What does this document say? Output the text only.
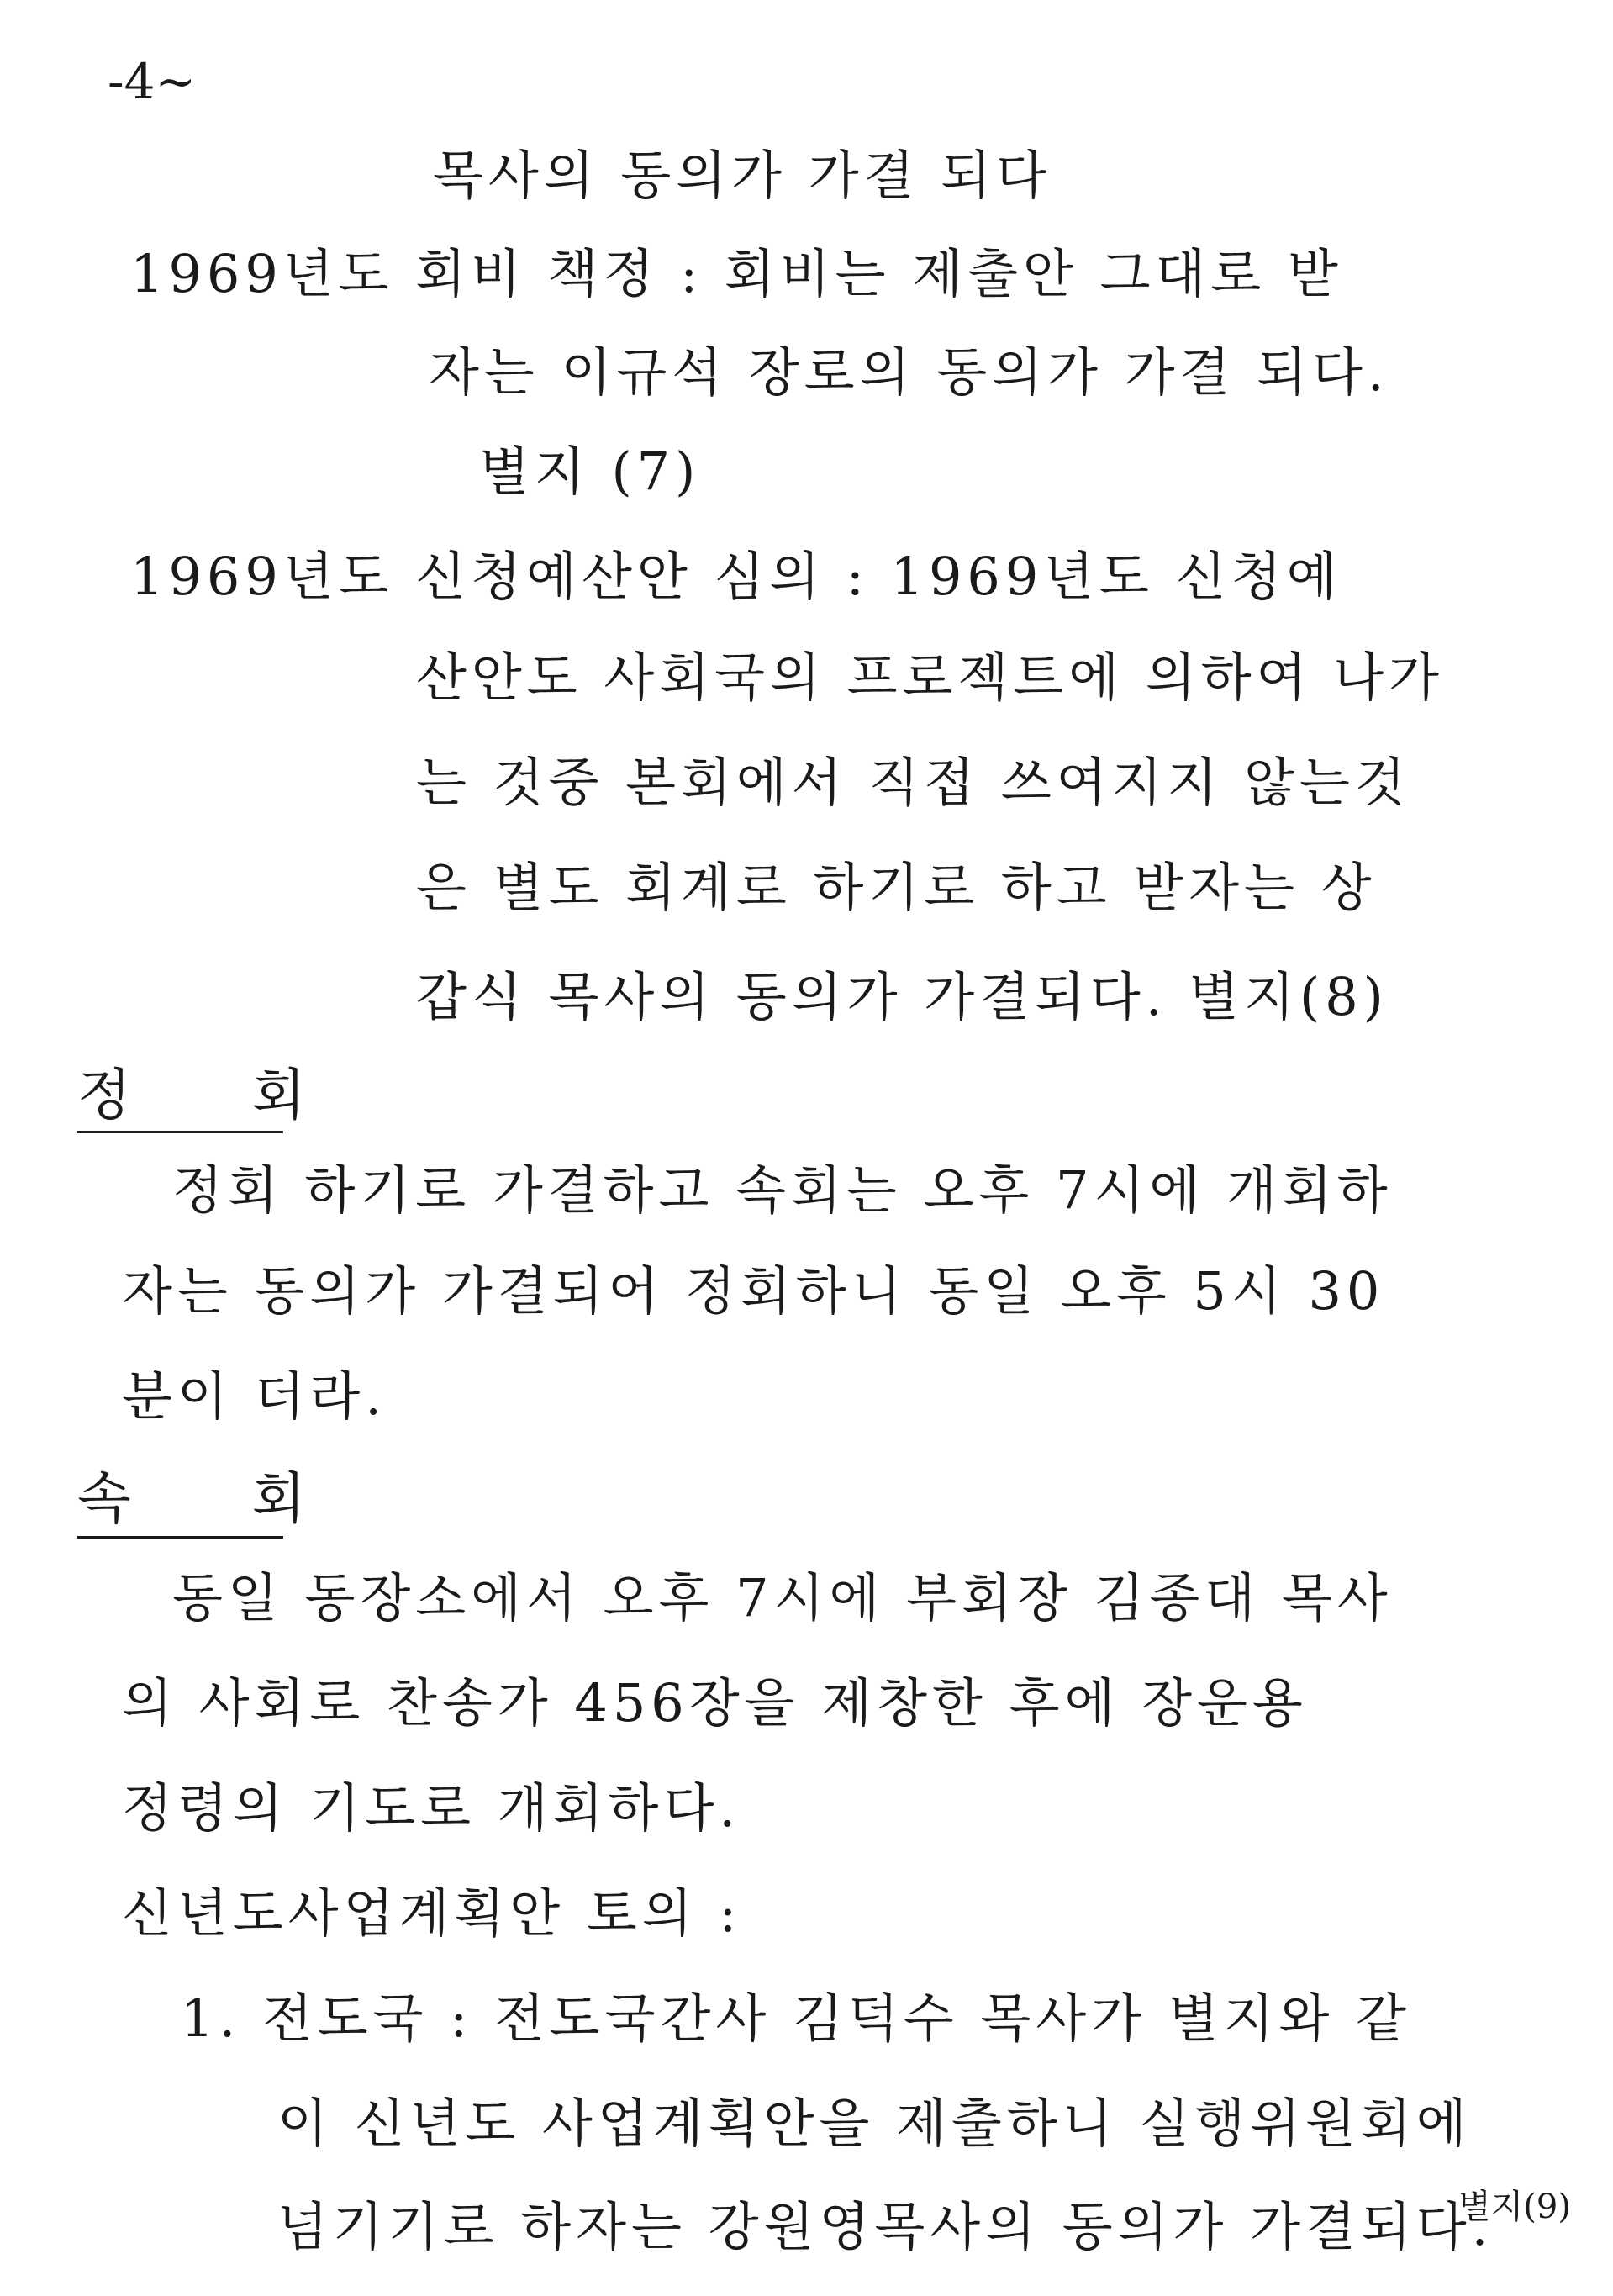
-4~
목사의 동의가 가결 되다
1969년도 회비 책정 : 회비는 제출안 그대로 받
자는 이규석 장로의 동의가 가결 되다.
별지 (7)
1969년도 신청예산안 심의 : 1969년도 신청예
산안도 사회국의 프로젝트에 의하여 나가
는 것중 본회에서 직접 쓰여지지 않는것
은 별도 회계로 하기로 하고 받자는 상
갑식 목사의 동의가 가결되다. 별지(8)
정 회
정회 하기로 가결하고 속회는 오후 7시에 개회하
자는 동의가 가결되어 정회하니 동일 오후 5시 30
분이 더라.
속 회
동일 동장소에서 오후 7시에 부회장 김종대 목사
의 사회로 찬송가 456장을 제창한 후에 장운용
정령의 기도로 개회하다.
신년도사업계획안 토의 :
1. 전도국 : 전도국간사 김덕수 목사가 별지와 같
이 신년도 사업계획안을 제출하니 실행위원회에
넘기기로 하자는 강원영목사의 동의가 가결되다.
별지(9)
